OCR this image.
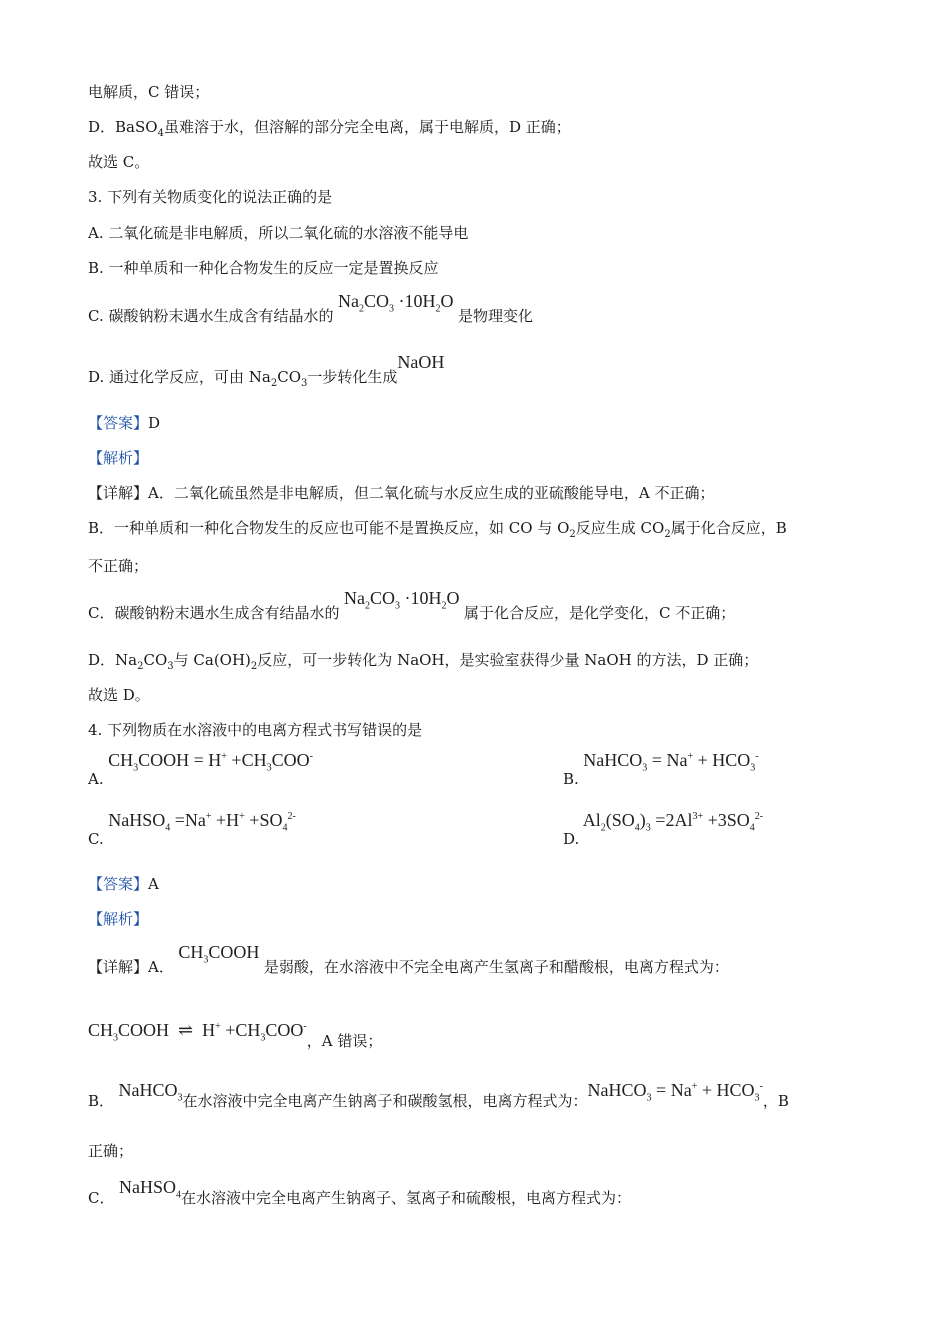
电解质，C 错误；
D．BaSO$_4$虽难溶于水，但溶解的部分完全电离，属于电解质，D 正确；
故选 C。
3. 下列有关物质变化的说法正确的是
A. 二氧化硫是非电解质，所以二氧化硫的水溶液不能导电
B. 一种单质和一种化合物发生的反应一定是置换反应
C. 碳酸钠粉末遇水生成含有结晶水的 $Na_2CO_3 \cdot 10H_2O$ 是物理变化
D. 通过化学反应，可由 $Na_2CO_3$一步转化生成NaOH
【答案】D
【解析】
【详解】A．二氧化硫虽然是非电解质，但二氧化硫与水反应生成的亚硫酸能导电，A 不正确；
B．一种单质和一种化合物发生的反应也可能不是置换反应，如 CO 与 $O_2$反应生成 $CO_2$属于化合反应，B
不正确；
C．碳酸钠粉末遇水生成含有结晶水的 $Na_2CO_3 \cdot 10H_2O$ 属于化合反应，是化学变化，C 不正确；
D．$Na_2CO_3$与 $Ca(OH)_2$反应，可一步转化为 NaOH，是实验室获得少量 NaOH 的方法，D 正确；
故选 D。
4. 下列物质在水溶液中的电离方程式书写错误的是
A. $CH_3COOH = H^+ +CH_3COO^-$
B. NaHCO$_3$ = $Na^+ + HCO_3^-$
C. NaHSO$_4$ $=Na^+ +H^+ +SO_4^{2-}$
D. $Al_2(SO_4)_3 =2Al^{3+} +3SO_4^{2-}$
【答案】A
【解析】
【详解】A． $CH_3COOH$ 是弱酸，在水溶液中不完全电离产生氢离子和醋酸根，电离方程式为：
$CH_3COOH$  ⇌  $H^+ +CH_3COO^-$，A 错误；
B． NaHCO$_3$在水溶液中完全电离产生钠离子和碳酸氢根，电离方程式为：NaHCO$_3$ = $Na^+ + HCO_3^-$，B
正确；
C． NaHSO$_4$在水溶液中完全电离产生钠离子、氢离子和硫酸根，电离方程式为：
